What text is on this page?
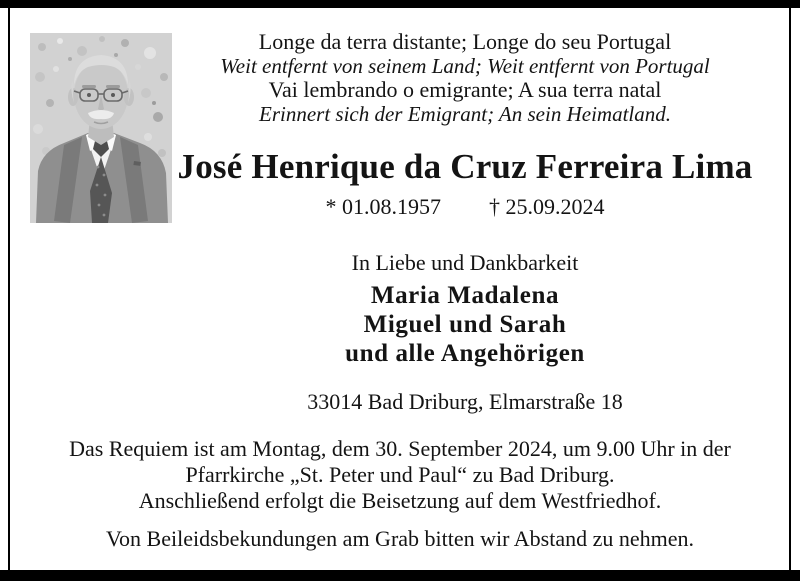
Longe da terra distante; Longe do seu Portugal
Weit entfernt von seinem Land; Weit entfernt von Portugal
Vai lembrando o emigrante; A sua terra natal
Erinnert sich der Emigrant; An sein Heimatland.
José Henrique da Cruz Ferreira Lima
* 01.08.1957 † 25.09.2024
In Liebe und Dankbarkeit
Maria Madalena
Miguel und Sarah
und alle Angehörigen
33014 Bad Driburg, Elmarstraße 18
Das Requiem ist am Montag, dem 30. September 2024, um 9.00 Uhr in der
Pfarrkirche „St. Peter und Paul“ zu Bad Driburg.
Anschließend erfolgt die Beisetzung auf dem Westfriedhof.
Von Beileidsbekundungen am Grab bitten wir Abstand zu nehmen.
